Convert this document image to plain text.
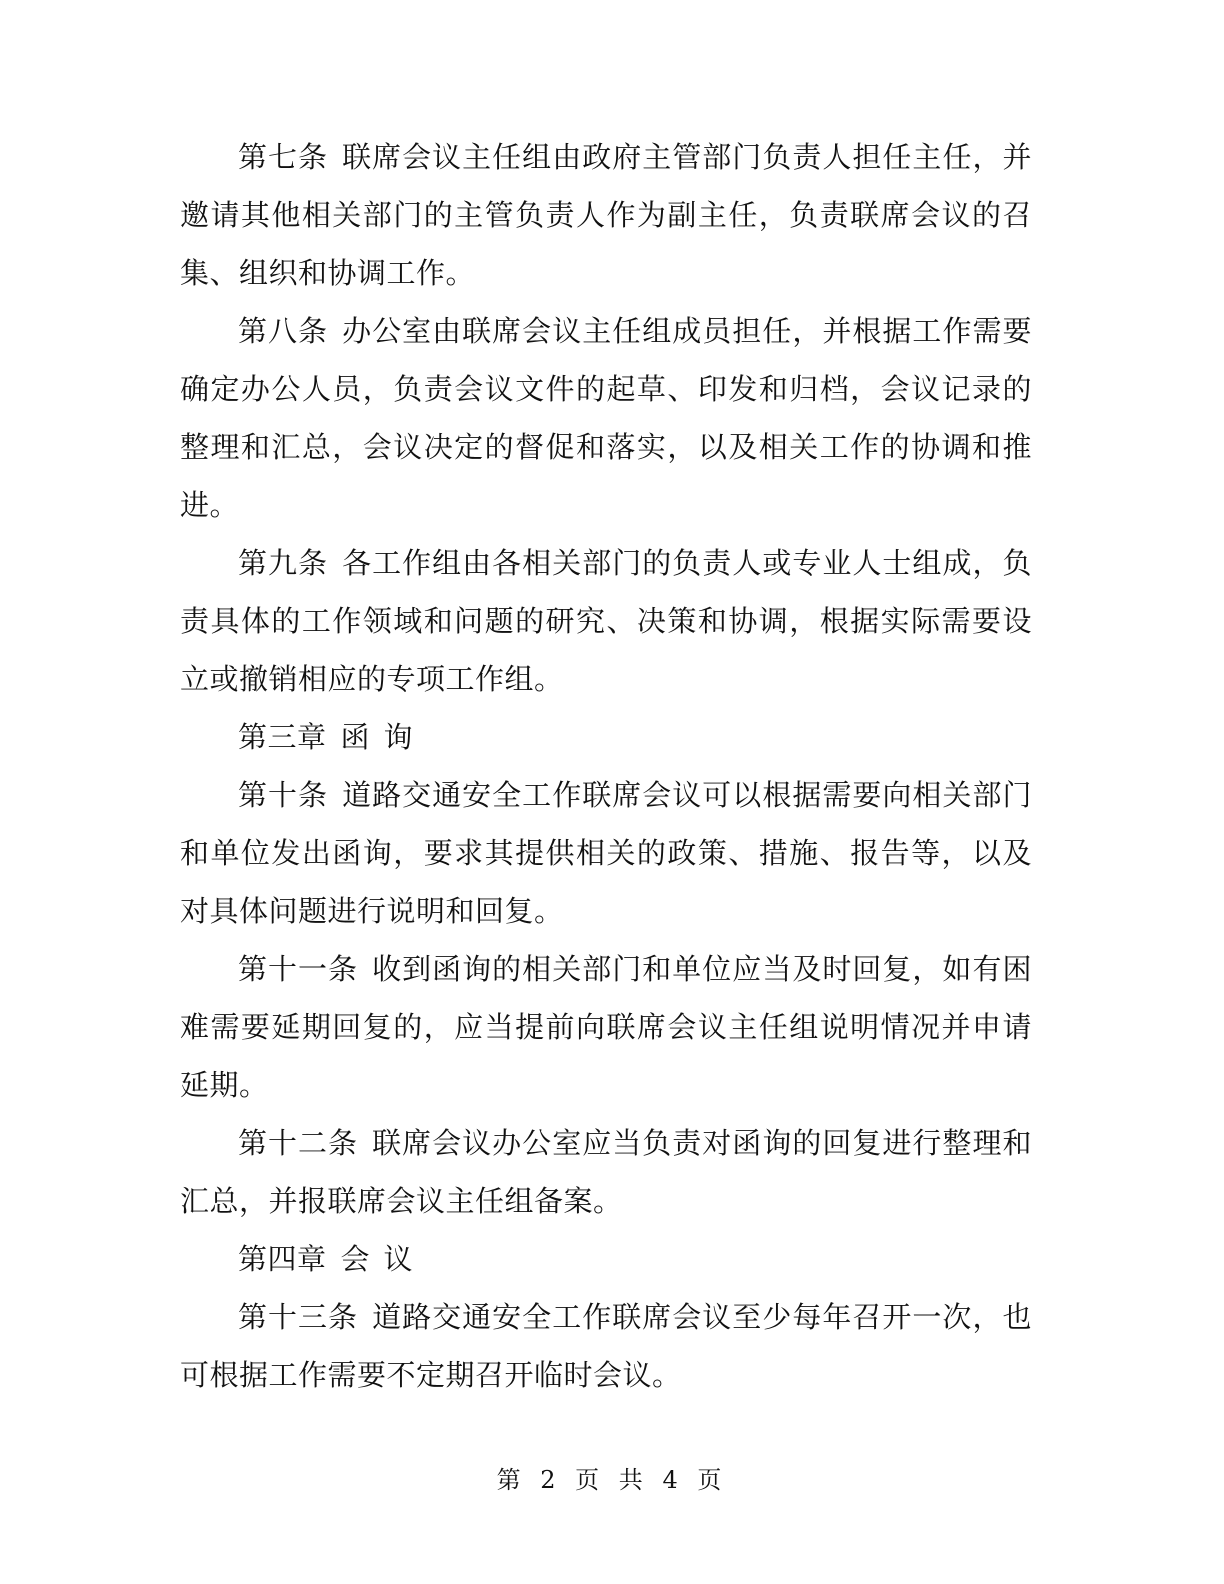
第七条 联席会议主任组由政府主管部门负责人担任主任，并邀请其他相关部门的主管负责人作为副主任，负责联席会议的召集、组织和协调工作。

第八条 办公室由联席会议主任组成员担任，并根据工作需要确定办公人员，负责会议文件的起草、印发和归档，会议记录的整理和汇总，会议决定的督促和落实，以及相关工作的协调和推进。

第九条 各工作组由各相关部门的负责人或专业人士组成，负责具体的工作领域和问题的研究、决策和协调，根据实际需要设立或撤销相应的专项工作组。

第三章 函询

第十条 道路交通安全工作联席会议可以根据需要向相关部门和单位发出函询，要求其提供相关的政策、措施、报告等，以及对具体问题进行说明和回复。

第十一条 收到函询的相关部门和单位应当及时回复，如有困难需要延期回复的，应当提前向联席会议主任组说明情况并申请延期。

第十二条 联席会议办公室应当负责对函询的回复进行整理和汇总，并报联席会议主任组备案。

第四章 会议

第十三条 道路交通安全工作联席会议至少每年召开一次，也可根据工作需要不定期召开临时会议。

第 2 页 共 4 页
